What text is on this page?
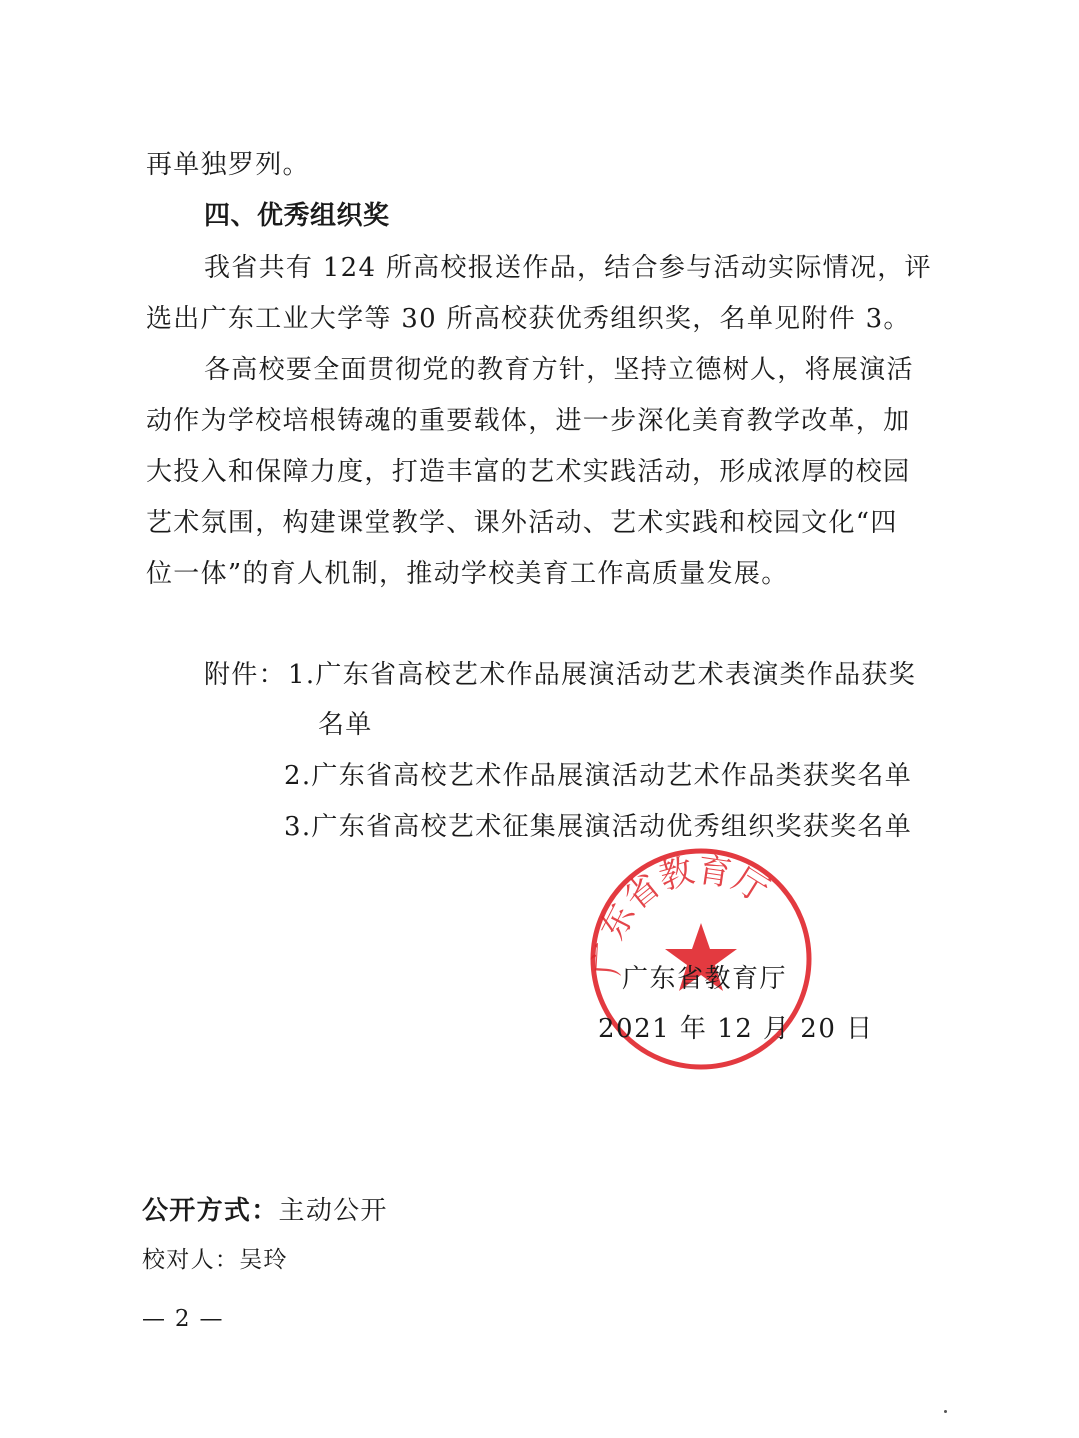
再单独罗列。
四、优秀组织奖
我省共有 124 所高校报送作品，结合参与活动实际情况，评
选出广东工业大学等 30 所高校获优秀组织奖，名单见附件 3。
各高校要全面贯彻党的教育方针，坚持立德树人，将展演活
动作为学校培根铸魂的重要载体，进一步深化美育教学改革，加
大投入和保障力度，打造丰富的艺术实践活动，形成浓厚的校园
艺术氛围，构建课堂教学、课外活动、艺术实践和校园文化“四
位一体”的育人机制，推动学校美育工作高质量发展。
附件： 1.广东省高校艺术作品展演活动艺术表演类作品获奖
名单
2.广东省高校艺术作品展演活动艺术作品类获奖名单
3.广东省高校艺术征集展演活动优秀组织奖获奖名单
广东省教育厅
广东省教育厅
2021 年 12 月 20 日
公开方式：主动公开
校对人：吴玲
— 2 —
